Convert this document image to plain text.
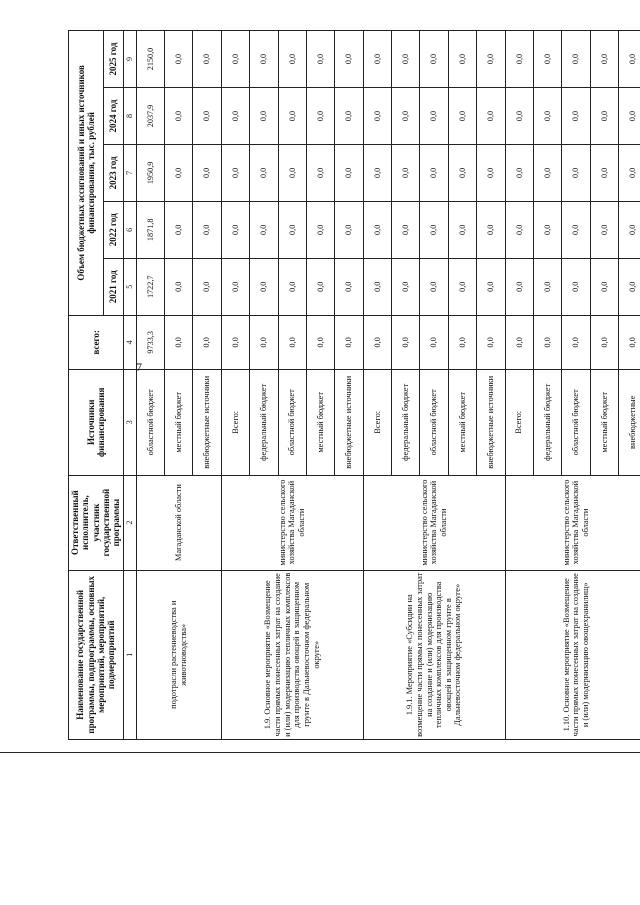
7
Наименование государственной программы, подпрограммы, основных мероприятий, мероприятий, подмероприятий	Ответственный исполнитель, участник государственной программы	Источники финансирования	всего:	Объем бюджетных ассигнований и иных источников финансирования, тыс. рублей				
				2021 год	2022 год	2023 год	2024 год	2025 год
1	2	3	4	5	6	7	8	9
подотрасли растениеводства и животноводства»	Магаданской области	областной бюджет	9733,3	1722,7	1871,8	1950,9	2037,9	2150,0
		местный бюджет	0,0	0,0	0,0	0,0	0,0	0,0
		внебюджетные источники	0,0	0,0	0,0	0,0	0,0	0,0
1.9. Основное мероприятие «Возмещение части прямых понесенных затрат на создание и (или) модернизацию тепличных комплексов для производства овощей в защищенном грунте в Дальневосточном федеральном округе»	министерство сельского хозяйства Магаданской области	Всего:	0,0	0,0	0,0	0,0	0,0	0,0
		федеральный бюджет	0,0	0,0	0,0	0,0	0,0	0,0
		областной бюджет	0,0	0,0	0,0	0,0	0,0	0,0
		местный бюджет	0,0	0,0	0,0	0,0	0,0	0,0
		внебюджетные источники	0,0	0,0	0,0	0,0	0,0	0,0
1.9.1. Мероприятие «Субсидии на возмещение части прямых понесенных затрат на создание и (или) модернизацию тепличных комплексов для производства овощей в защищенном грунте в Дальневосточном федеральном округе»	министерство сельского хозяйства Магаданской области	Всего:	0,0	0,0	0,0	0,0	0,0	0,0
		федеральный бюджет	0,0	0,0	0,0	0,0	0,0	0,0
		областной бюджет	0,0	0,0	0,0	0,0	0,0	0,0
		местный бюджет	0,0	0,0	0,0	0,0	0,0	0,0
		внебюджетные источники	0,0	0,0	0,0	0,0	0,0	0,0
1.10. Основное мероприятие «Возмещение части прямых понесенных затрат на создание и (или) модернизацию овощехранилищ»	министерство сельского хозяйства Магаданской области	Всего:	0,0	0,0	0,0	0,0	0,0	0,0
		федеральный бюджет	0,0	0,0	0,0	0,0	0,0	0,0
		областной бюджет	0,0	0,0	0,0	0,0	0,0	0,0
		местный бюджет	0,0	0,0	0,0	0,0	0,0	0,0
		внебюджетные	0,0	0,0	0,0	0,0	0,0	0,0
